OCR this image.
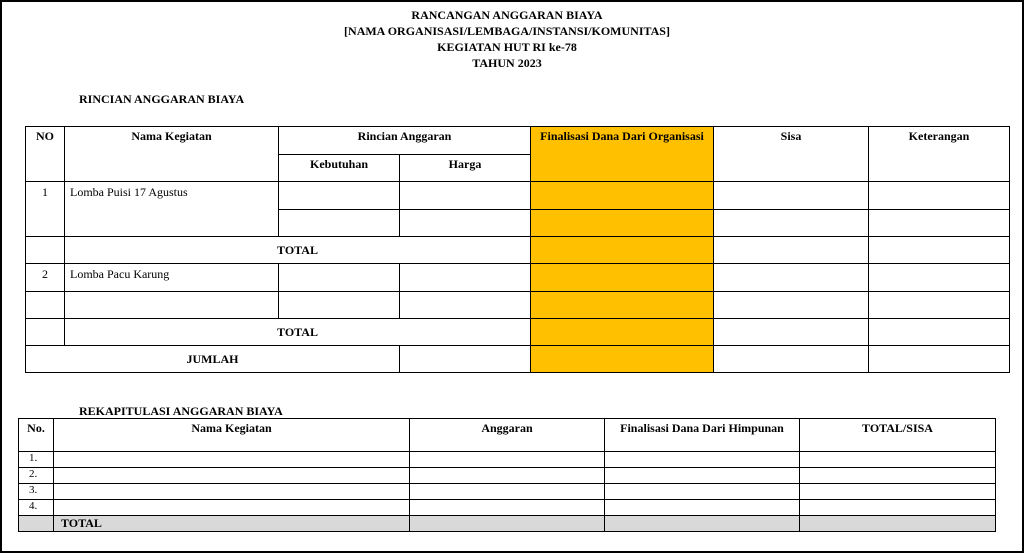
RANCANGAN ANGGARAN BIAYA
[NAMA ORGANISASI/LEMBAGA/INSTANSI/KOMUNITAS]
KEGIATAN HUT RI ke-78
TAHUN 2023
RINCIAN ANGGARAN BIAYA
NO	Nama Kegiatan	Rincian Anggaran		Finalisasi Dana Dari Organisasi	Sisa	Keterangan
		Kebutuhan	Harga			
1	Lomba Puisi 17 Agustus					

	TOTAL					
2	Lomba Pacu Karung					

	TOTAL					
JUMLAH						
REKAPITULASI ANGGARAN BIAYA
No.	Nama Kegiatan	Anggaran	Finalisasi Dana Dari Himpunan	TOTAL/SISA
1.				
2.				
3.				
4.				
	TOTAL			
